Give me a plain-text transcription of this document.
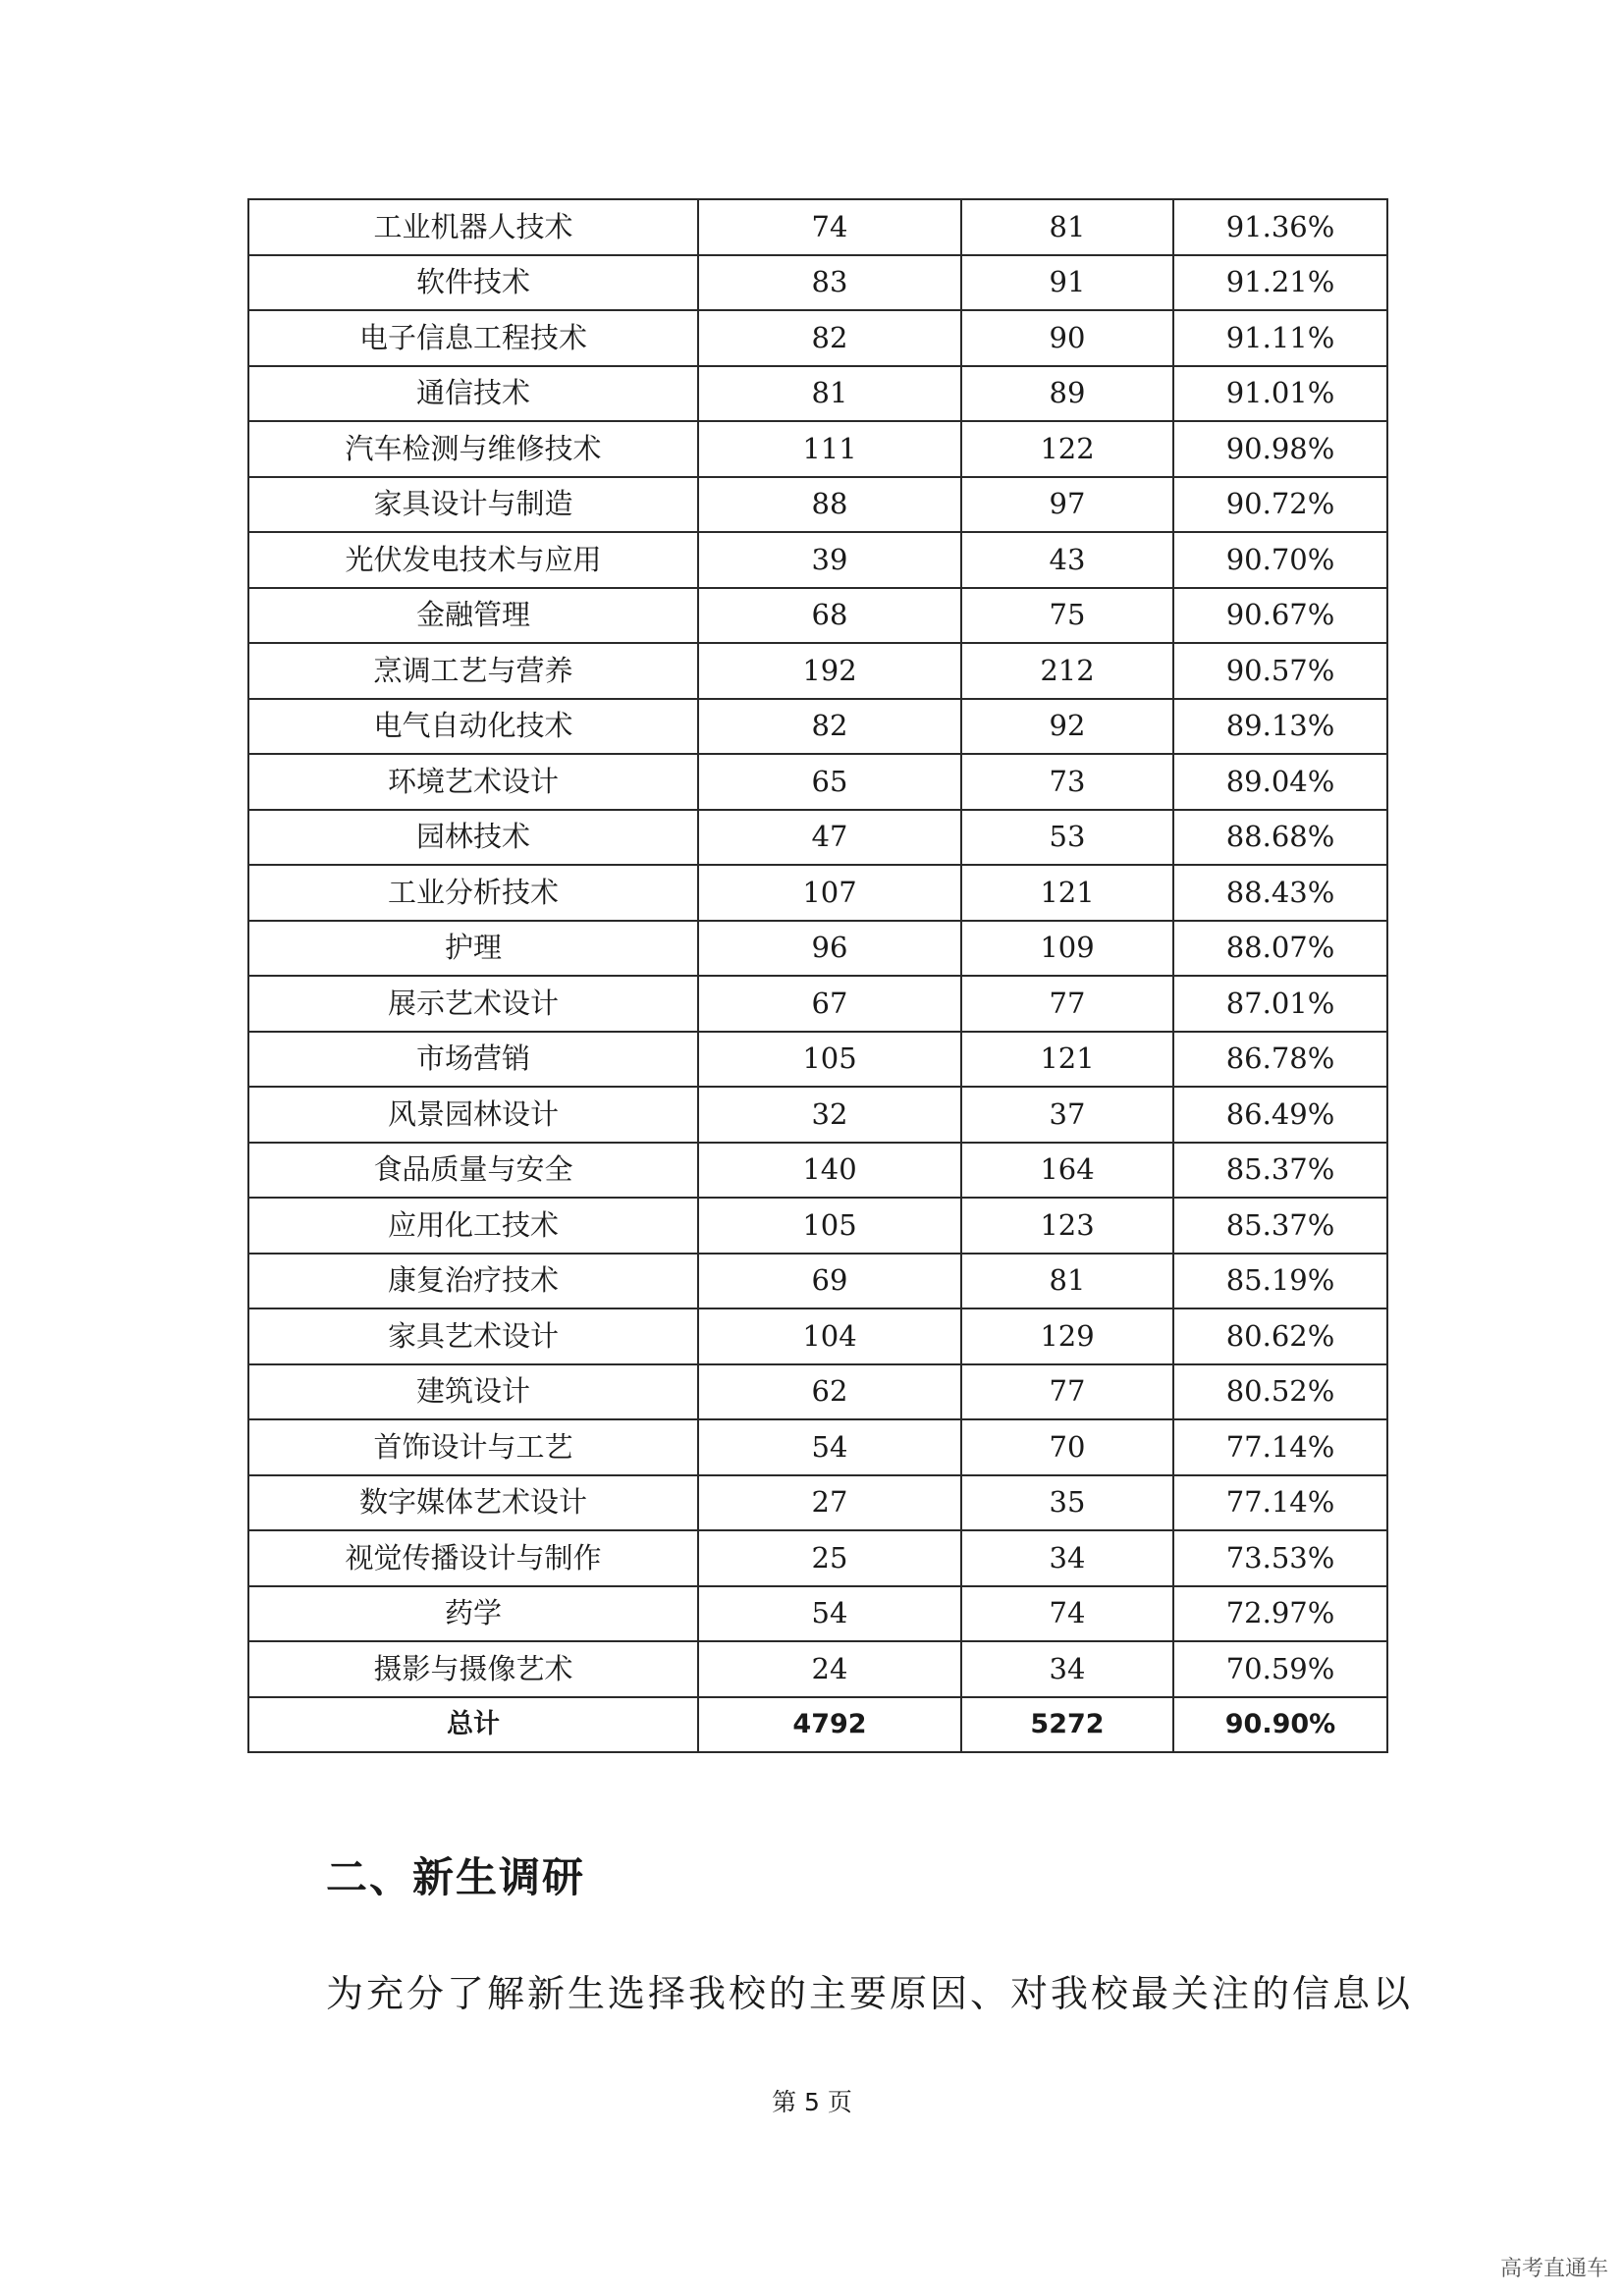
工业机器人技术	74	81	91.36%
软件技术	83	91	91.21%
电子信息工程技术	82	90	91.11%
通信技术	81	89	91.01%
汽车检测与维修技术	111	122	90.98%
家具设计与制造	88	97	90.72%
光伏发电技术与应用	39	43	90.70%
金融管理	68	75	90.67%
烹调工艺与营养	192	212	90.57%
电气自动化技术	82	92	89.13%
环境艺术设计	65	73	89.04%
园林技术	47	53	88.68%
工业分析技术	107	121	88.43%
护理	96	109	88.07%
展示艺术设计	67	77	87.01%
市场营销	105	121	86.78%
风景园林设计	32	37	86.49%
食品质量与安全	140	164	85.37%
应用化工技术	105	123	85.37%
康复治疗技术	69	81	85.19%
家具艺术设计	104	129	80.62%
建筑设计	62	77	80.52%
首饰设计与工艺	54	70	77.14%
数字媒体艺术设计	27	35	77.14%
视觉传播设计与制作	25	34	73.53%
药学	54	74	72.97%
摄影与摄像艺术	24	34	70.59%
总计	4792	5272	90.90%
二、新生调研

为充分了解新生选择我校的主要原因、对我校最关注的信息以

第 5 页
高考直通车
